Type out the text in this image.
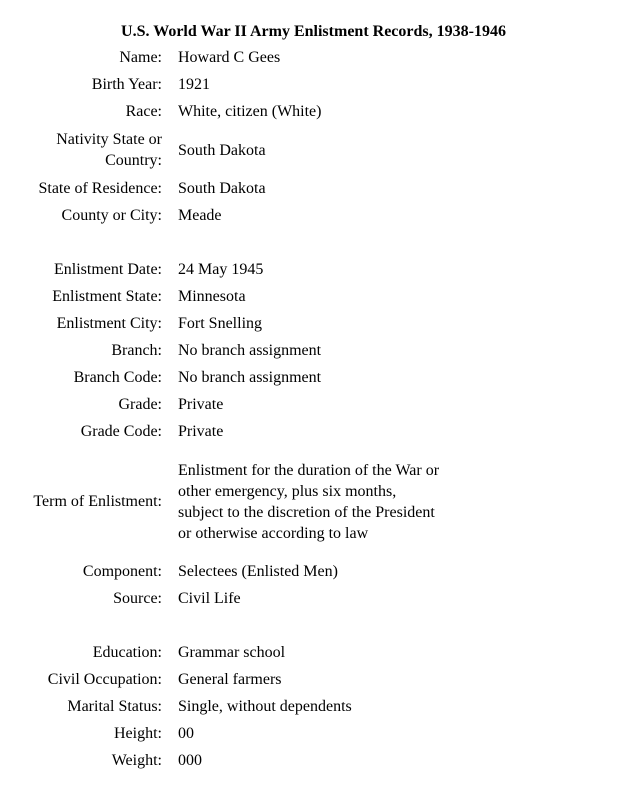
U.S. World War II Army Enlistment Records, 1938-1946
Name: Howard C Gees
Birth Year: 1921
Race: White, citizen (White)
Nativity State or Country:
South Dakota
State of Residence: South Dakota
County or City: Meade
Enlistment Date: 24 May 1945
Enlistment State: Minnesota
Enlistment City: Fort Snelling
Branch: No branch assignment
Branch Code: No branch assignment
Grade: Private
Grade Code: Private
Term of Enlistment:
Enlistment for the duration of the War or other emergency, plus six months, subject to the discretion of the President or otherwise according to law
Component: Selectees (Enlisted Men)
Source: Civil Life
Education: Grammar school
Civil Occupation: General farmers
Marital Status: Single, without dependents
Height: 00
Weight: 000
